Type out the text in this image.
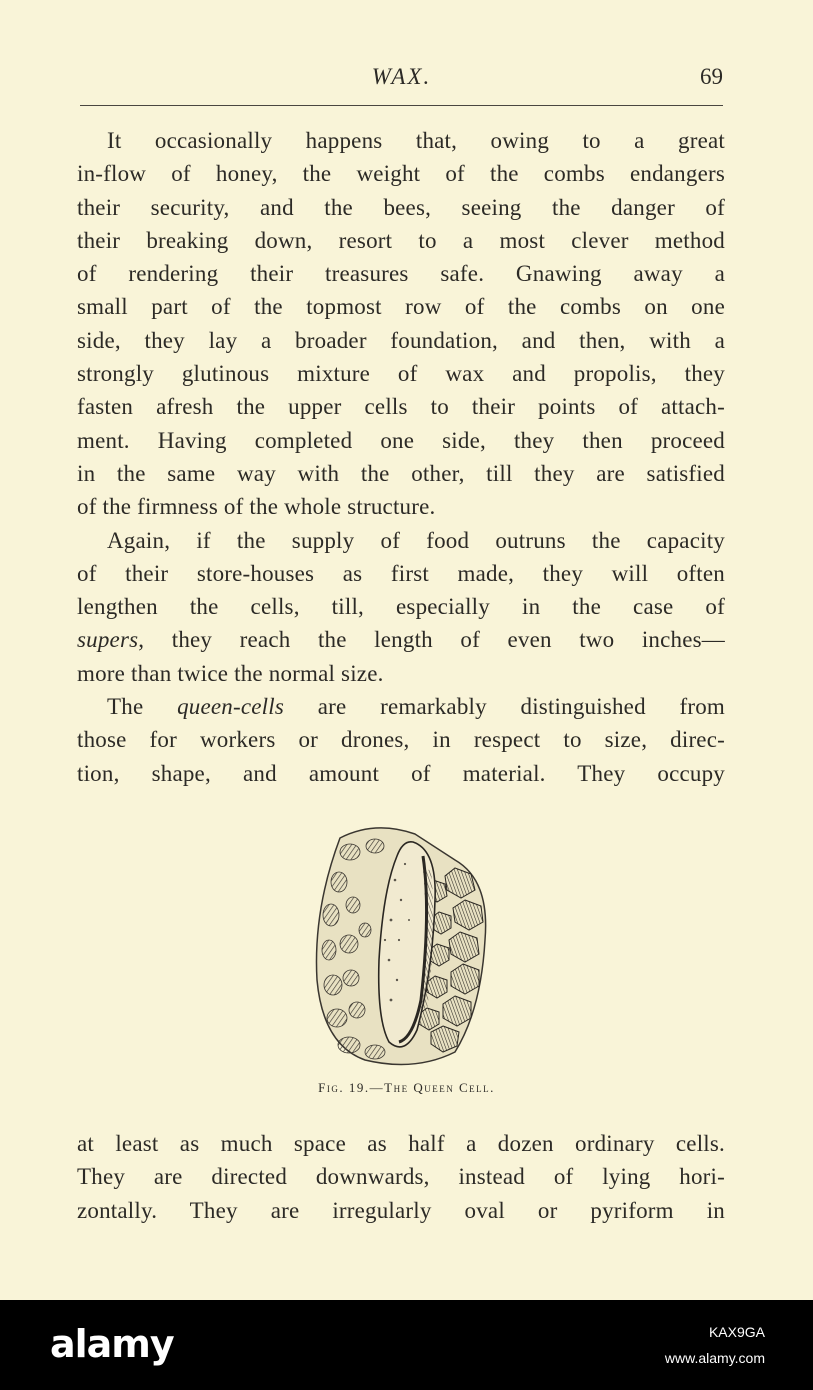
WAX.	69
It occasionally happens that, owing to a great
in-flow of honey, the weight of the combs endangers
their security, and the bees, seeing the danger of
their breaking down, resort to a most clever method
of rendering their treasures safe. Gnawing away a
small part of the topmost row of the combs on one
side, they lay a broader foundation, and then, with a
strongly glutinous mixture of wax and propolis, they
fasten afresh the upper cells to their points of attach-
ment. Having completed one side, they then proceed
in the same way with the other, till they are satisfied
of the firmness of the whole structure.
Again, if the supply of food outruns the capacity
of their store-houses as first made, they will often
lengthen the cells, till, especially in the case of
supers, they reach the length of even two inches—
more than twice the normal size.
The queen-cells are remarkably distinguished from
those for workers or drones, in respect to size, direc-
tion, shape, and amount of material. They occupy
Fig. 19.—The Queen Cell.
at least as much space as half a dozen ordinary cells.
They are directed downwards, instead of lying hori-
zontally. They are irregularly oval or pyriform in
alamy	KAX9GA
www.alamy.com
